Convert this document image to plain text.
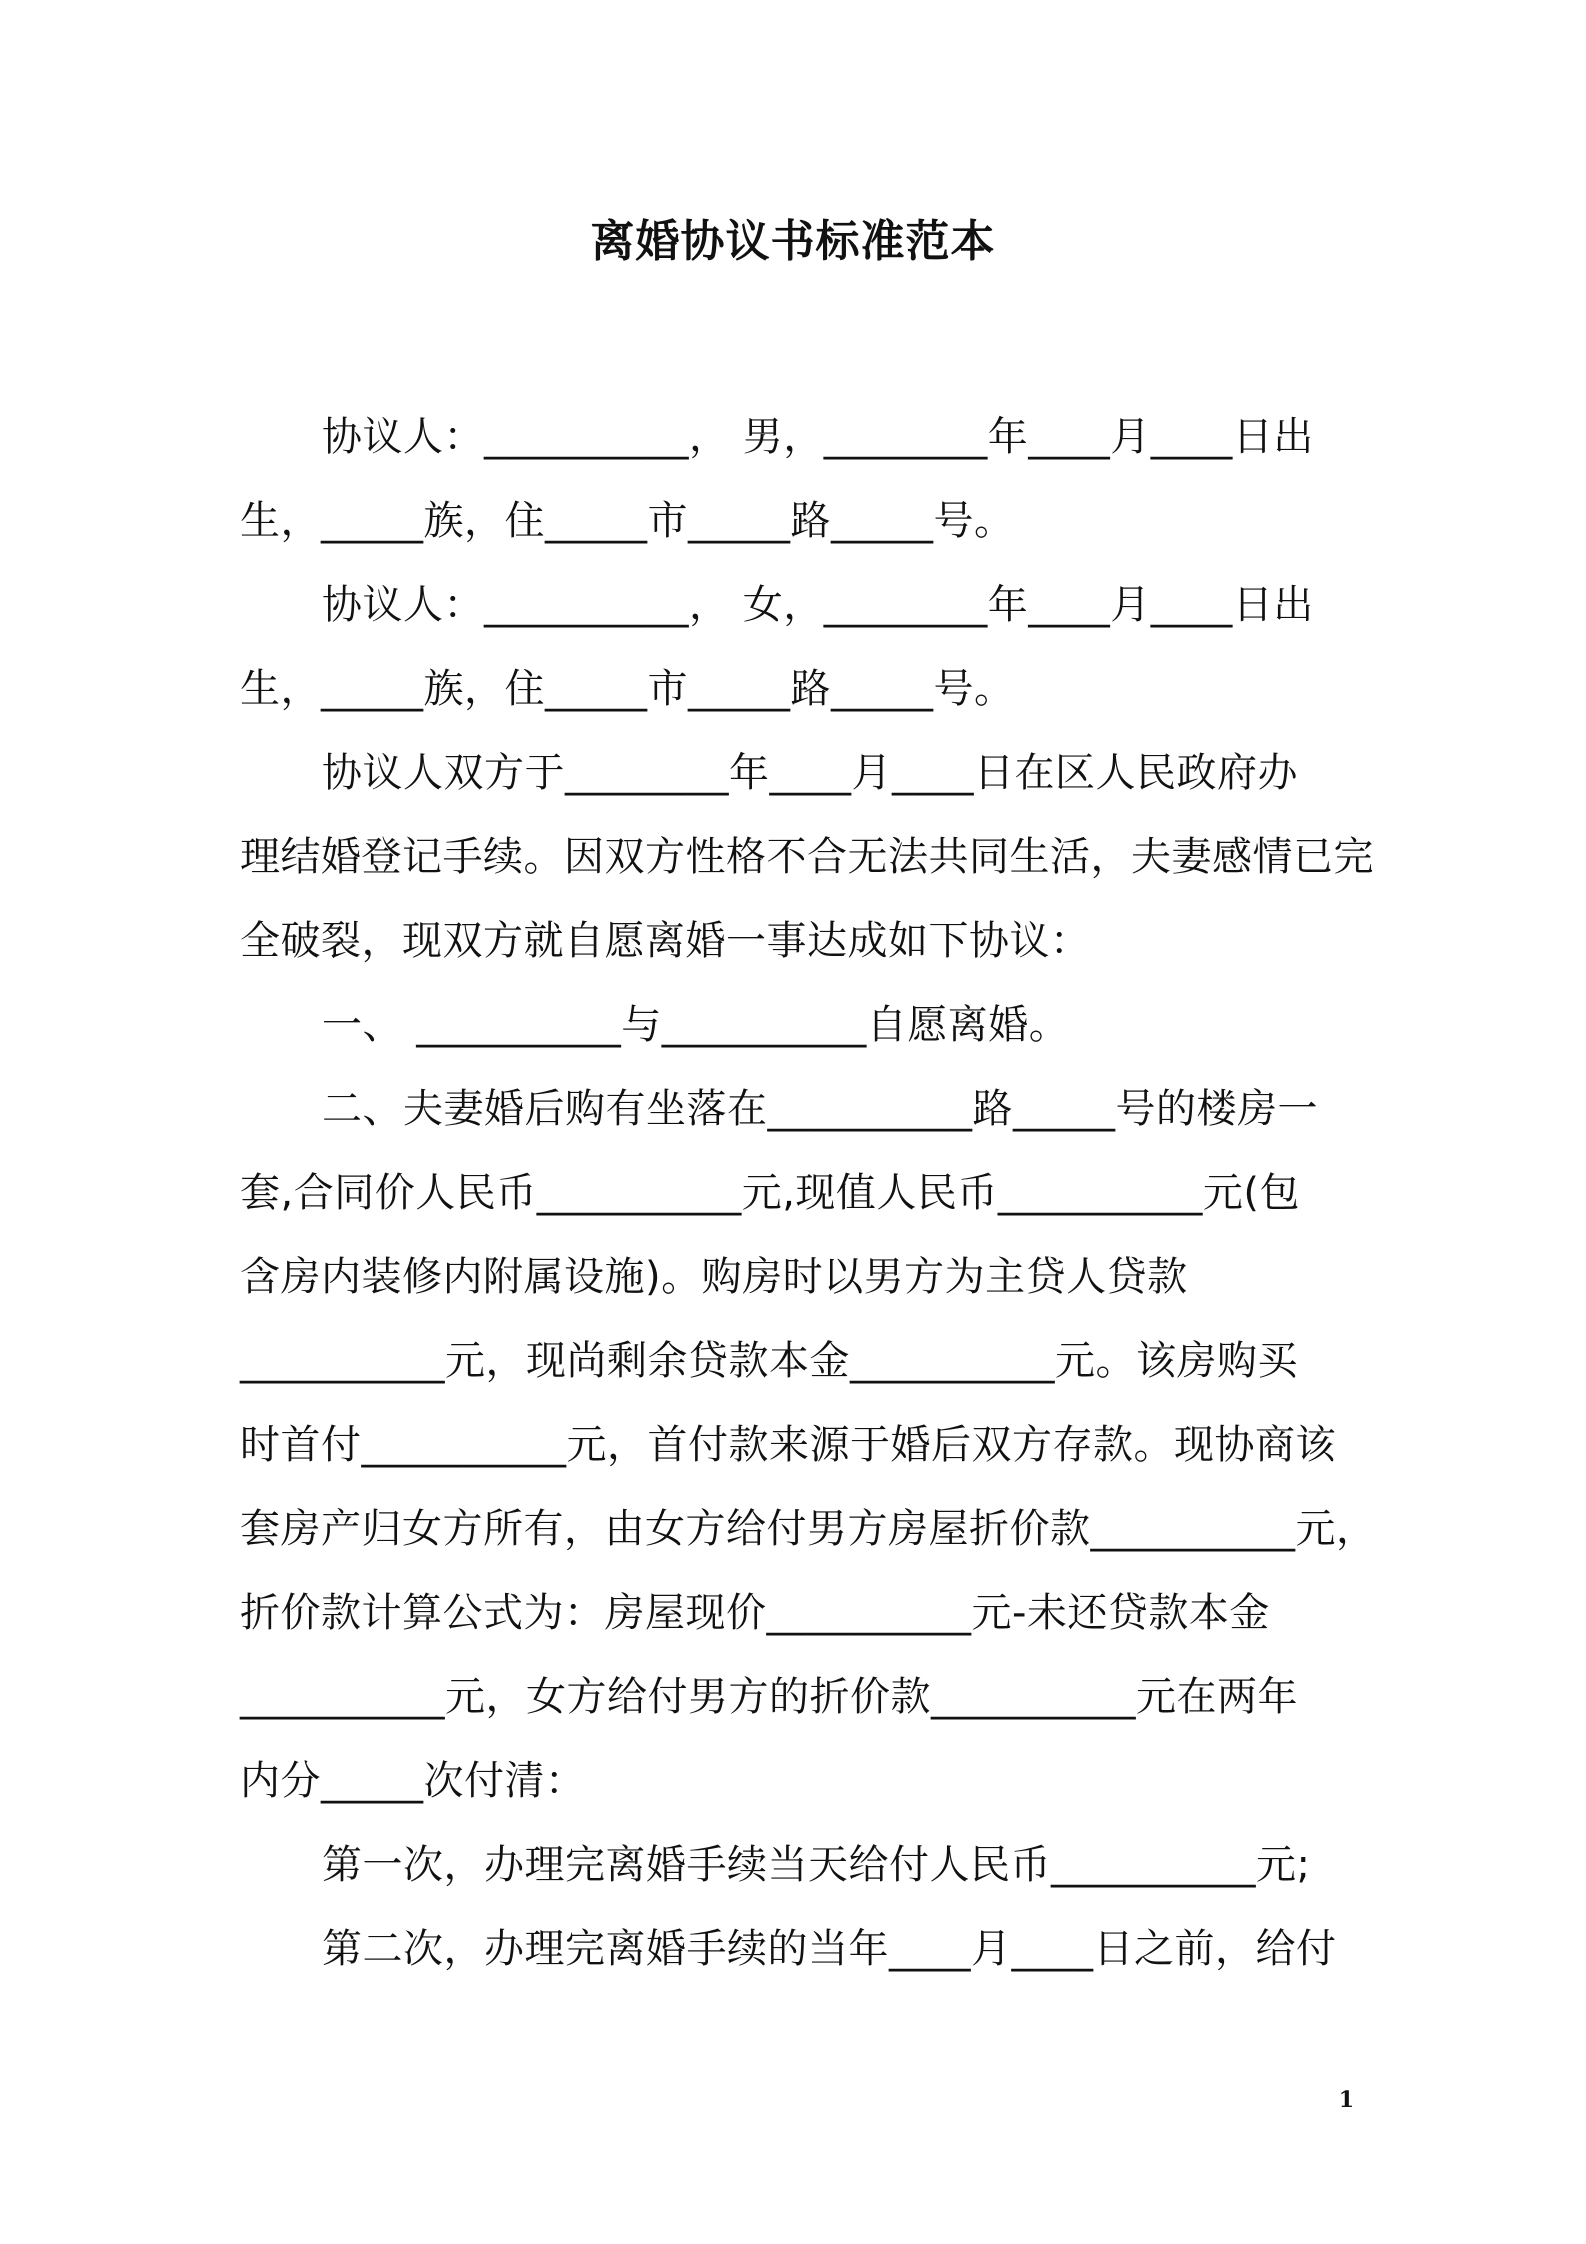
离婚协议书标准范本
协议人：__________， 男，________年____月____日出
生，_____族，住_____市_____路_____号。
协议人：__________， 女，________年____月____日出
生，_____族，住_____市_____路_____号。
协议人双方于________年____月____日在区人民政府办
理结婚登记手续。因双方性格不合无法共同生活，夫妻感情已完
全破裂，现双方就自愿离婚一事达成如下协议：
一、 __________与__________自愿离婚。
二、夫妻婚后购有坐落在__________路_____号的楼房一
套,合同价人民币__________元,现值人民币__________元(包
含房内装修内附属设施)。购房时以男方为主贷人贷款
__________元，现尚剩余贷款本金__________元。该房购买
时首付__________元，首付款来源于婚后双方存款。现协商该
套房产归女方所有，由女方给付男方房屋折价款__________元，
折价款计算公式为：房屋现价__________元-未还贷款本金
__________元，女方给付男方的折价款__________元在两年
内分_____次付清：
第一次，办理完离婚手续当天给付人民币__________元;
第二次，办理完离婚手续的当年____月____日之前，给付
1
